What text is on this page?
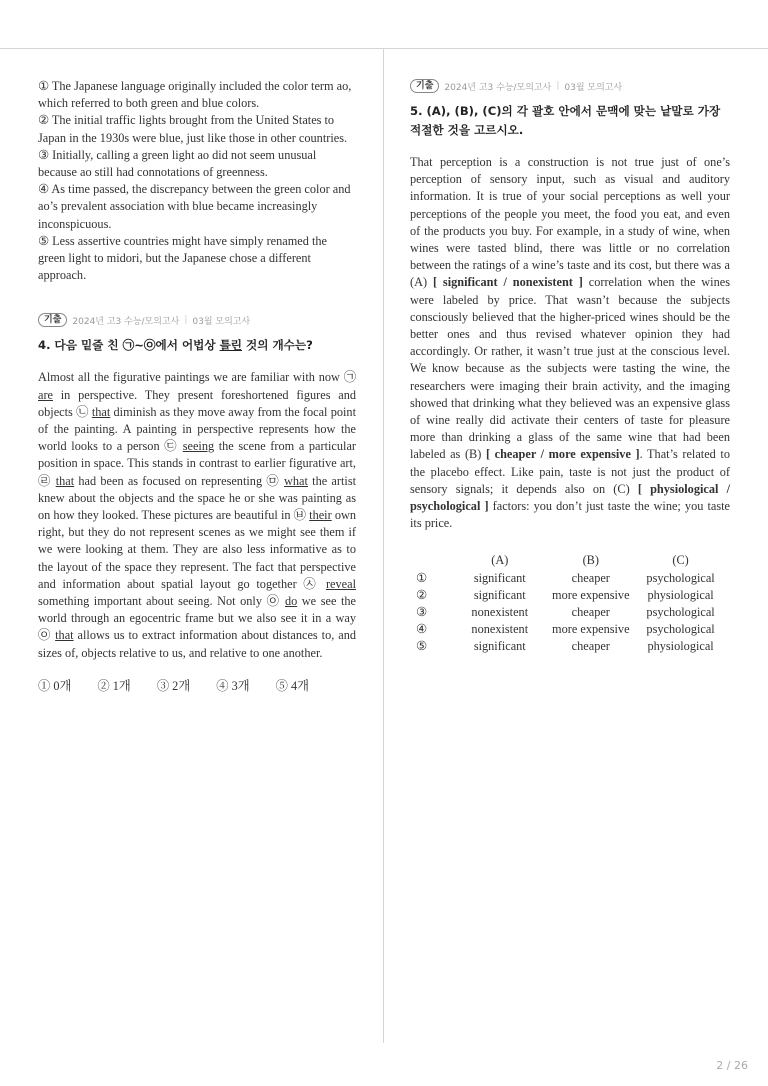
① The Japanese language originally included the color term ao, which referred to both green and blue colors.

② The initial traffic lights brought from the United States to Japan in the 1930s were blue, just like those in other countries.

③ Initially, calling a green light ao did not seem unusual because ao still had connotations of greenness.

④ As time passed, the discrepancy between the green color and ao’s prevalent association with blue became increasingly inconspicuous.

⑤ Less assertive countries might have simply renamed the green light to midori, but the Japanese chose a different approach.

기출	2024년 고3 수능/모의고사 | 03월 모의고사
4. 다음 밑줄 친 ㉠~㉧에서 어법상 틀린 것의 개수는?

Almost all the figurative paintings we are familiar with now ㉠ are in perspective. They present foreshortened figures and objects ㉡ that diminish as they move away from the focal point of the painting. A painting in perspective represents how the world looks to a person ㉢ seeing the scene from a particular position in space. This stands in contrast to earlier figurative art, ㉣ that had been as focused on representing ㉤ what the artist knew about the objects and the space he or she was painting as on how they looked. These pictures are beautiful in ㉥ their own right, but they do not represent scenes as we might see them if we were looking at them. They are also less informative as to the layout of the space they represent. The fact that perspective and information about spatial layout go together ㉦ reveal something important about seeing. Not only ㉧ do we see the world through an egocentric frame but we also see it in a way ㉧ that allows us to extract information about distances to, and sizes of, objects relative to us, and relative to one another.

① 0개 ② 1개 ③ 2개 ④ 3개 ⑤ 4개
기출	2024년 고3 수능/모의고사 | 03월 모의고사
5. (A), (B), (C)의 각 괄호 안에서 문맥에 맞는 낱말로 가장 적절한 것을 고르시오.

That perception is a construction is not true just of one’s perception of sensory input, such as visual and auditory information. It is true of your social perceptions as well your perceptions of the people you meet, the food you eat, and even of the products you buy. For example, in a study of wine, when wines were tasted blind, there was little or no correlation between the ratings of a wine’s taste and its cost, but there was a (A) [ significant / nonexistent ] correlation when the wines were labeled by price. That wasn’t because the subjects consciously believed that the higher-priced wines should be the better ones and thus revised whatever opinion they had accordingly. Or rather, it wasn’t true just at the conscious level. We know because as the subjects were tasting the wine, the researchers were imaging their brain activity, and the imaging showed that drinking what they believed was an expensive glass of wine really did activate their centers of taste for pleasure more than drinking a glass of the same wine that had been labeled as (B) [ cheaper / more expensive ]. That’s related to the placebo effect. Like pain, taste is not just the product of sensory signals; it depends also on (C) [ physiological / psychological ] factors: you don’t just taste the wine; you taste its price.

	(A)	(B)	(C)
①	significant	cheaper	psychological
②	significant	more expensive	physiological
③	nonexistent	cheaper	psychological
④	nonexistent	more expensive	psychological
⑤	significant	cheaper	physiological
2 / 26
